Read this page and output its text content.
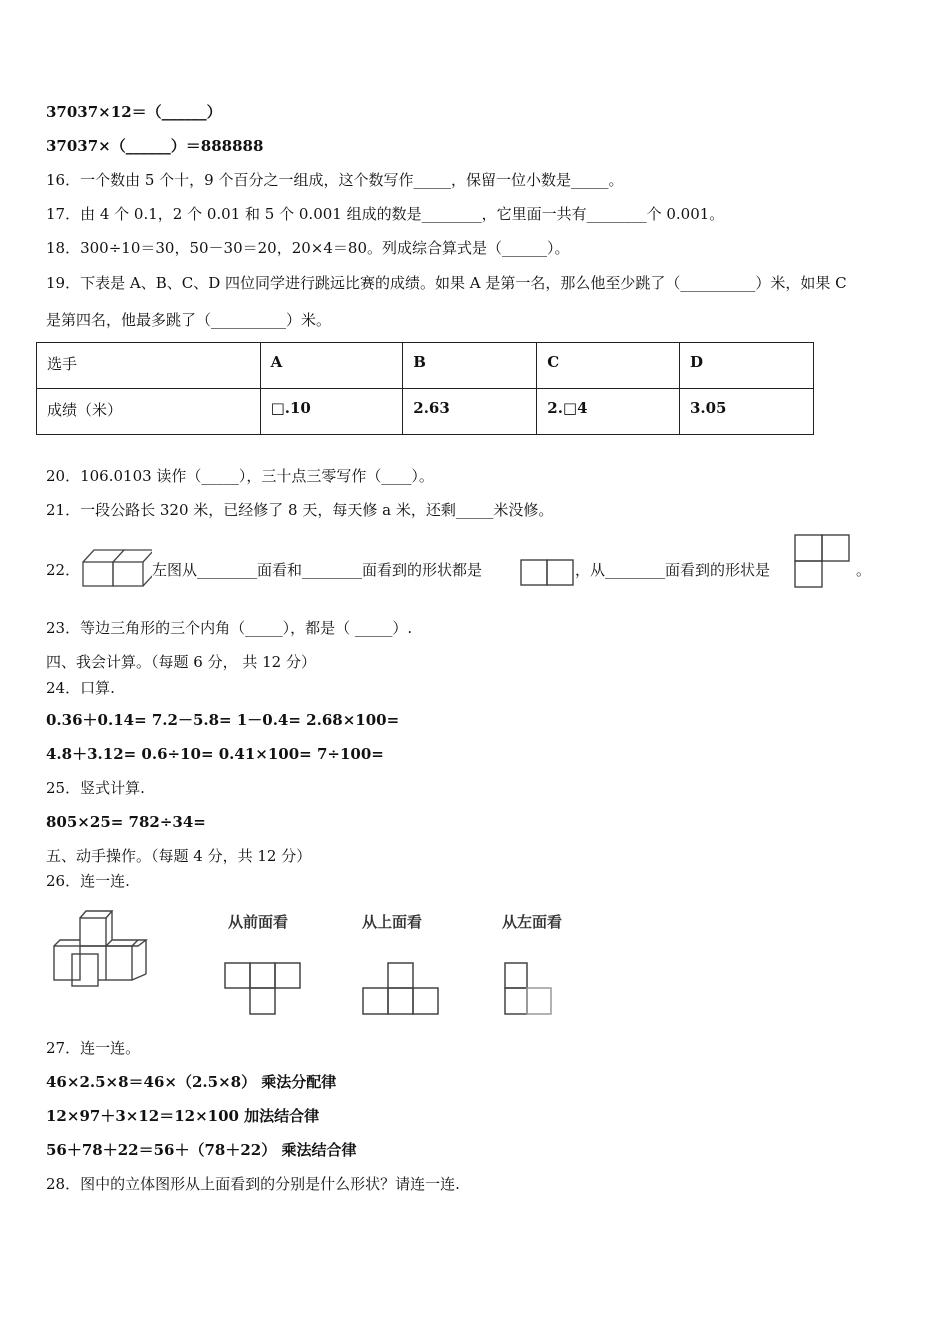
37037×12＝（______）
37037×（______）＝888888
16．一个数由 5 个十，9 个百分之一组成，这个数写作_____，保留一位小数是_____。
17．由 4 个 0.1，2 个 0.01 和 5 个 0.001 组成的数是________，它里面一共有________个 0.001。
18．300÷10＝30，50－30＝20，20×4＝80。列成综合算式是（______）。
19．下表是 A、B、C、D 四位同学进行跳远比赛的成绩。如果 A 是第一名，那么他至少跳了（__________）米，如果 C
是第四名，他最多跳了（__________）米。
选手	A	B	C	D
成绩（米）	□.10	2.63	2.□4	3.05
20．106.0103 读作（_____），三十点三零写作（____）。
21．一段公路长 320 米，已经修了 8 天，每天修 a 米，还剩_____米没修。
22．	左图从________面看和________面看到的形状都是	，从________面看到的形状是	。
23．等边三角形的三个内角（_____），都是（ _____）.
四、我会计算。（每题 6 分， 共 12 分）
24．口算.
0.36＋0.14= 7.2－5.8= 1－0.4= 2.68×100=
4.8＋3.12= 0.6÷10= 0.41×100= 7÷100=
25．竖式计算.
805×25= 782÷34=
五、动手操作。（每题 4 分，共 12 分）
26．连一连.
从前面看	从上面看	从左面看
27．连一连。
46×2.5×8＝46×（2.5×8） 乘法分配律
12×97＋3×12＝12×100 加法结合律
56＋78＋22＝56＋（78＋22） 乘法结合律
28．图中的立体图形从上面看到的分别是什么形状？请连一连.
